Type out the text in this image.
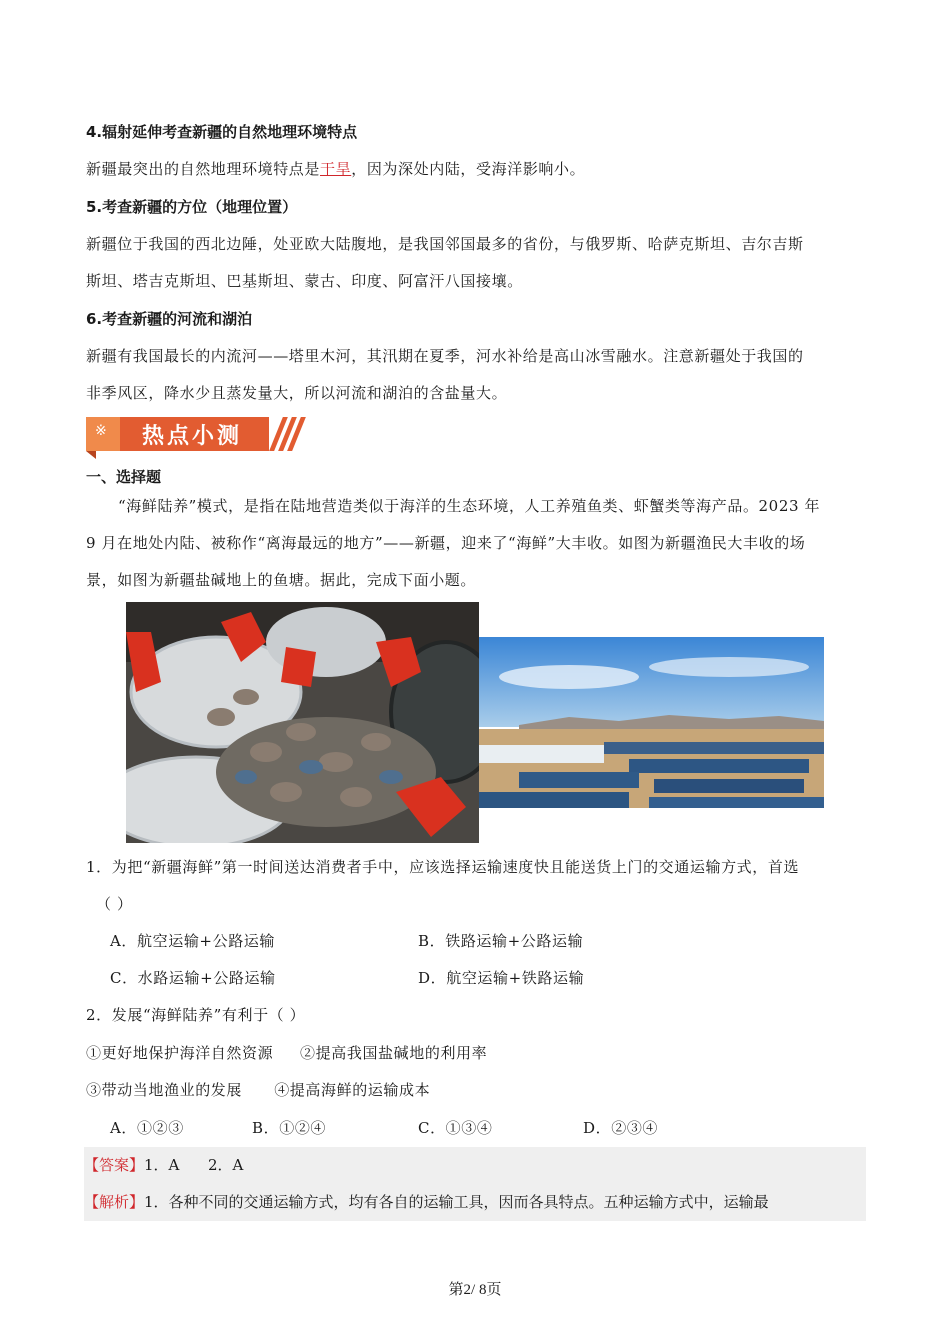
4.辐射延伸考查新疆的自然地理环境特点
新疆最突出的自然地理环境特点是干旱，因为深处内陆，受海洋影响小。
5.考查新疆的方位（地理位置）
新疆位于我国的西北边陲，处亚欧大陆腹地，是我国邻国最多的省份，与俄罗斯、哈萨克斯坦、吉尔吉斯
斯坦、塔吉克斯坦、巴基斯坦、蒙古、印度、阿富汗八国接壤。
6.考查新疆的河流和湖泊
新疆有我国最长的内流河——塔里木河，其汛期在夏季，河水补给是高山冰雪融水。注意新疆处于我国的
非季风区，降水少且蒸发量大，所以河流和湖泊的含盐量大。
※ 热点小测
一、选择题
“海鲜陆养”模式，是指在陆地营造类似于海洋的生态环境，人工养殖鱼类、虾蟹类等海产品。2023 年
9 月在地处内陆、被称作“离海最远的地方”——新疆，迎来了“海鲜”大丰收。如图为新疆渔民大丰收的场
景，如图为新疆盐碱地上的鱼塘。据此，完成下面小题。
1．为把“新疆海鲜”第一时间送达消费者手中，应该选择运输速度快且能送货上门的交通运输方式，首选
（ ）
A．航空运输+公路运输	B．铁路运输+公路运输
C．水路运输+公路运输	D．航空运输+铁路运输
2．发展“海鲜陆养”有利于（ ）
①更好地保护海洋自然资源     ②提高我国盐碱地的利用率
③带动当地渔业的发展      ④提高海鲜的运输成本
A．①②③	B．①②④	C．①③④	D．②③④
【答案】1．A      2．A
【解析】1．各种不同的交通运输方式，均有各自的运输工具，因而各具特点。五种运输方式中，运输最
第2/ 8页
